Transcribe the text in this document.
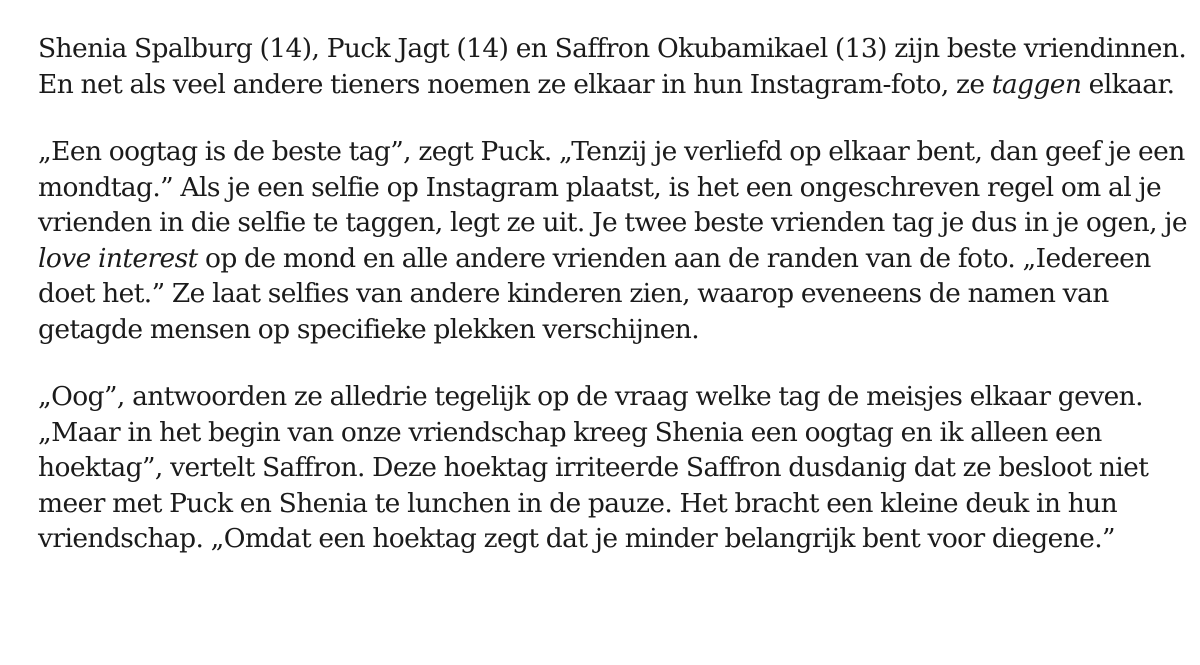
Shenia Spalburg (14), Puck Jagt (14) en Saffron Okubamikael (13) zijn beste vriendinnen.
En net als veel andere tieners noemen ze elkaar in hun Instagram-foto, ze taggen elkaar.

„Een oogtag is de beste tag”, zegt Puck. „Tenzij je verliefd op elkaar bent, dan geef je een
mondtag.” Als je een selfie op Instagram plaatst, is het een ongeschreven regel om al je
vrienden in die selfie te taggen, legt ze uit. Je twee beste vrienden tag je dus in je ogen, je
love interest op de mond en alle andere vrienden aan de randen van de foto. „Iedereen
doet het.” Ze laat selfies van andere kinderen zien, waarop eveneens de namen van
getagde mensen op specifieke plekken verschijnen.

„Oog”, antwoorden ze alledrie tegelijk op de vraag welke tag de meisjes elkaar geven.
„Maar in het begin van onze vriendschap kreeg Shenia een oogtag en ik alleen een
hoektag”, vertelt Saffron. Deze hoektag irriteerde Saffron dusdanig dat ze besloot niet
meer met Puck en Shenia te lunchen in de pauze. Het bracht een kleine deuk in hun
vriendschap. „Omdat een hoektag zegt dat je minder belangrijk bent voor diegene.”
